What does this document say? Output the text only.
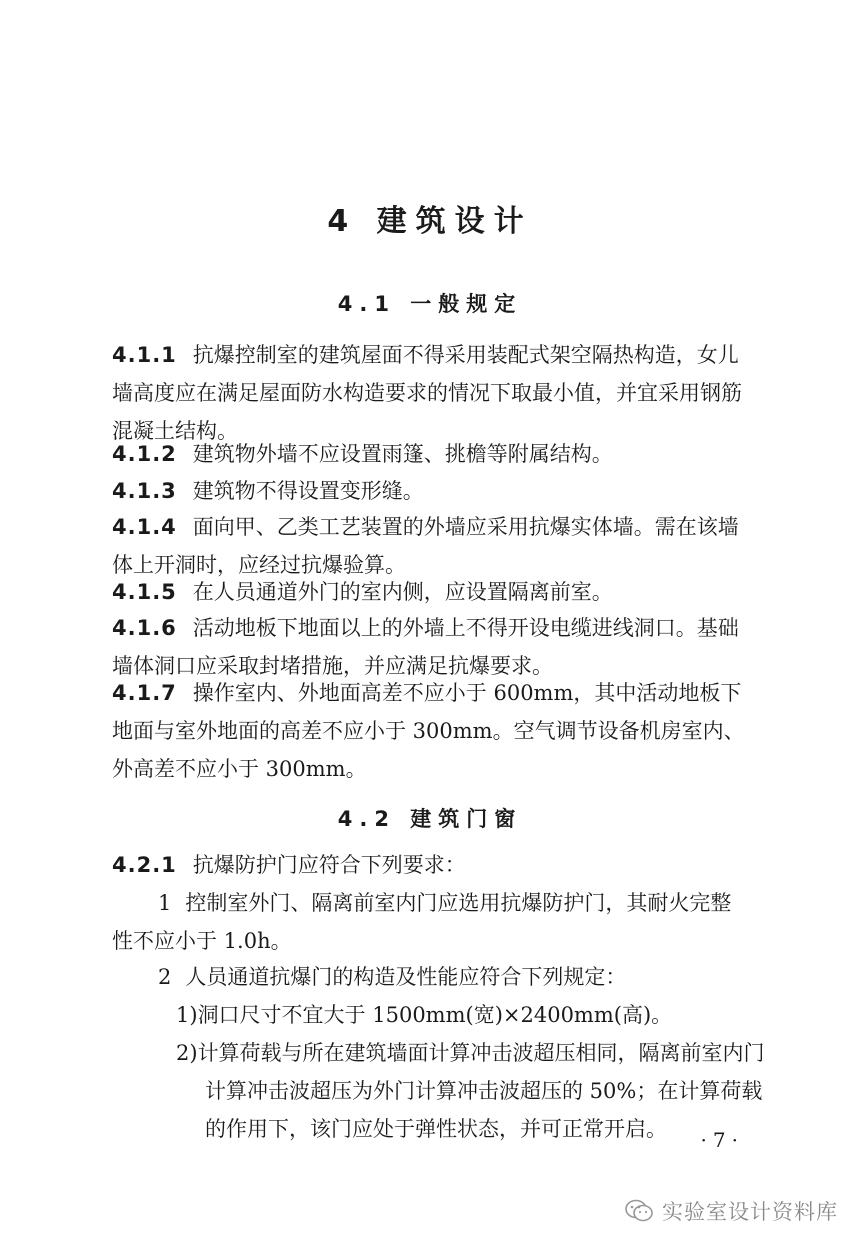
4 建筑设计
4.1 一般规定

4.1.1 抗爆控制室的建筑屋面不得采用装配式架空隔热构造，女儿墙高度应在满足屋面防水构造要求的情况下取最小值，并宜采用钢筋混凝土结构。

4.1.2 建筑物外墙不应设置雨篷、挑檐等附属结构。

4.1.3 建筑物不得设置变形缝。

4.1.4 面向甲、乙类工艺装置的外墙应采用抗爆实体墙。需在该墙体上开洞时，应经过抗爆验算。

4.1.5 在人员通道外门的室内侧，应设置隔离前室。

4.1.6 活动地板下地面以上的外墙上不得开设电缆进线洞口。基础墙体洞口应采取封堵措施，并应满足抗爆要求。

4.1.7 操作室内、外地面高差不应小于 600mm，其中活动地板下地面与室外地面的高差不应小于 300mm。空气调节设备机房室内、外高差不应小于 300mm。

4.2 建筑门窗

4.2.1 抗爆防护门应符合下列要求：

1 控制室外门、隔离前室内门应选用抗爆防护门，其耐火完整性不应小于 1.0h。

2 人员通道抗爆门的构造及性能应符合下列规定：

1)洞口尺寸不宜大于 1500mm(宽)×2400mm(高)。

2)计算荷载与所在建筑墙面计算冲击波超压相同，隔离前室内门计算冲击波超压为外门计算冲击波超压的 50%；在计算荷载的作用下，该门应处于弹性状态，并可正常开启。	·7·
实验室设计资料库
